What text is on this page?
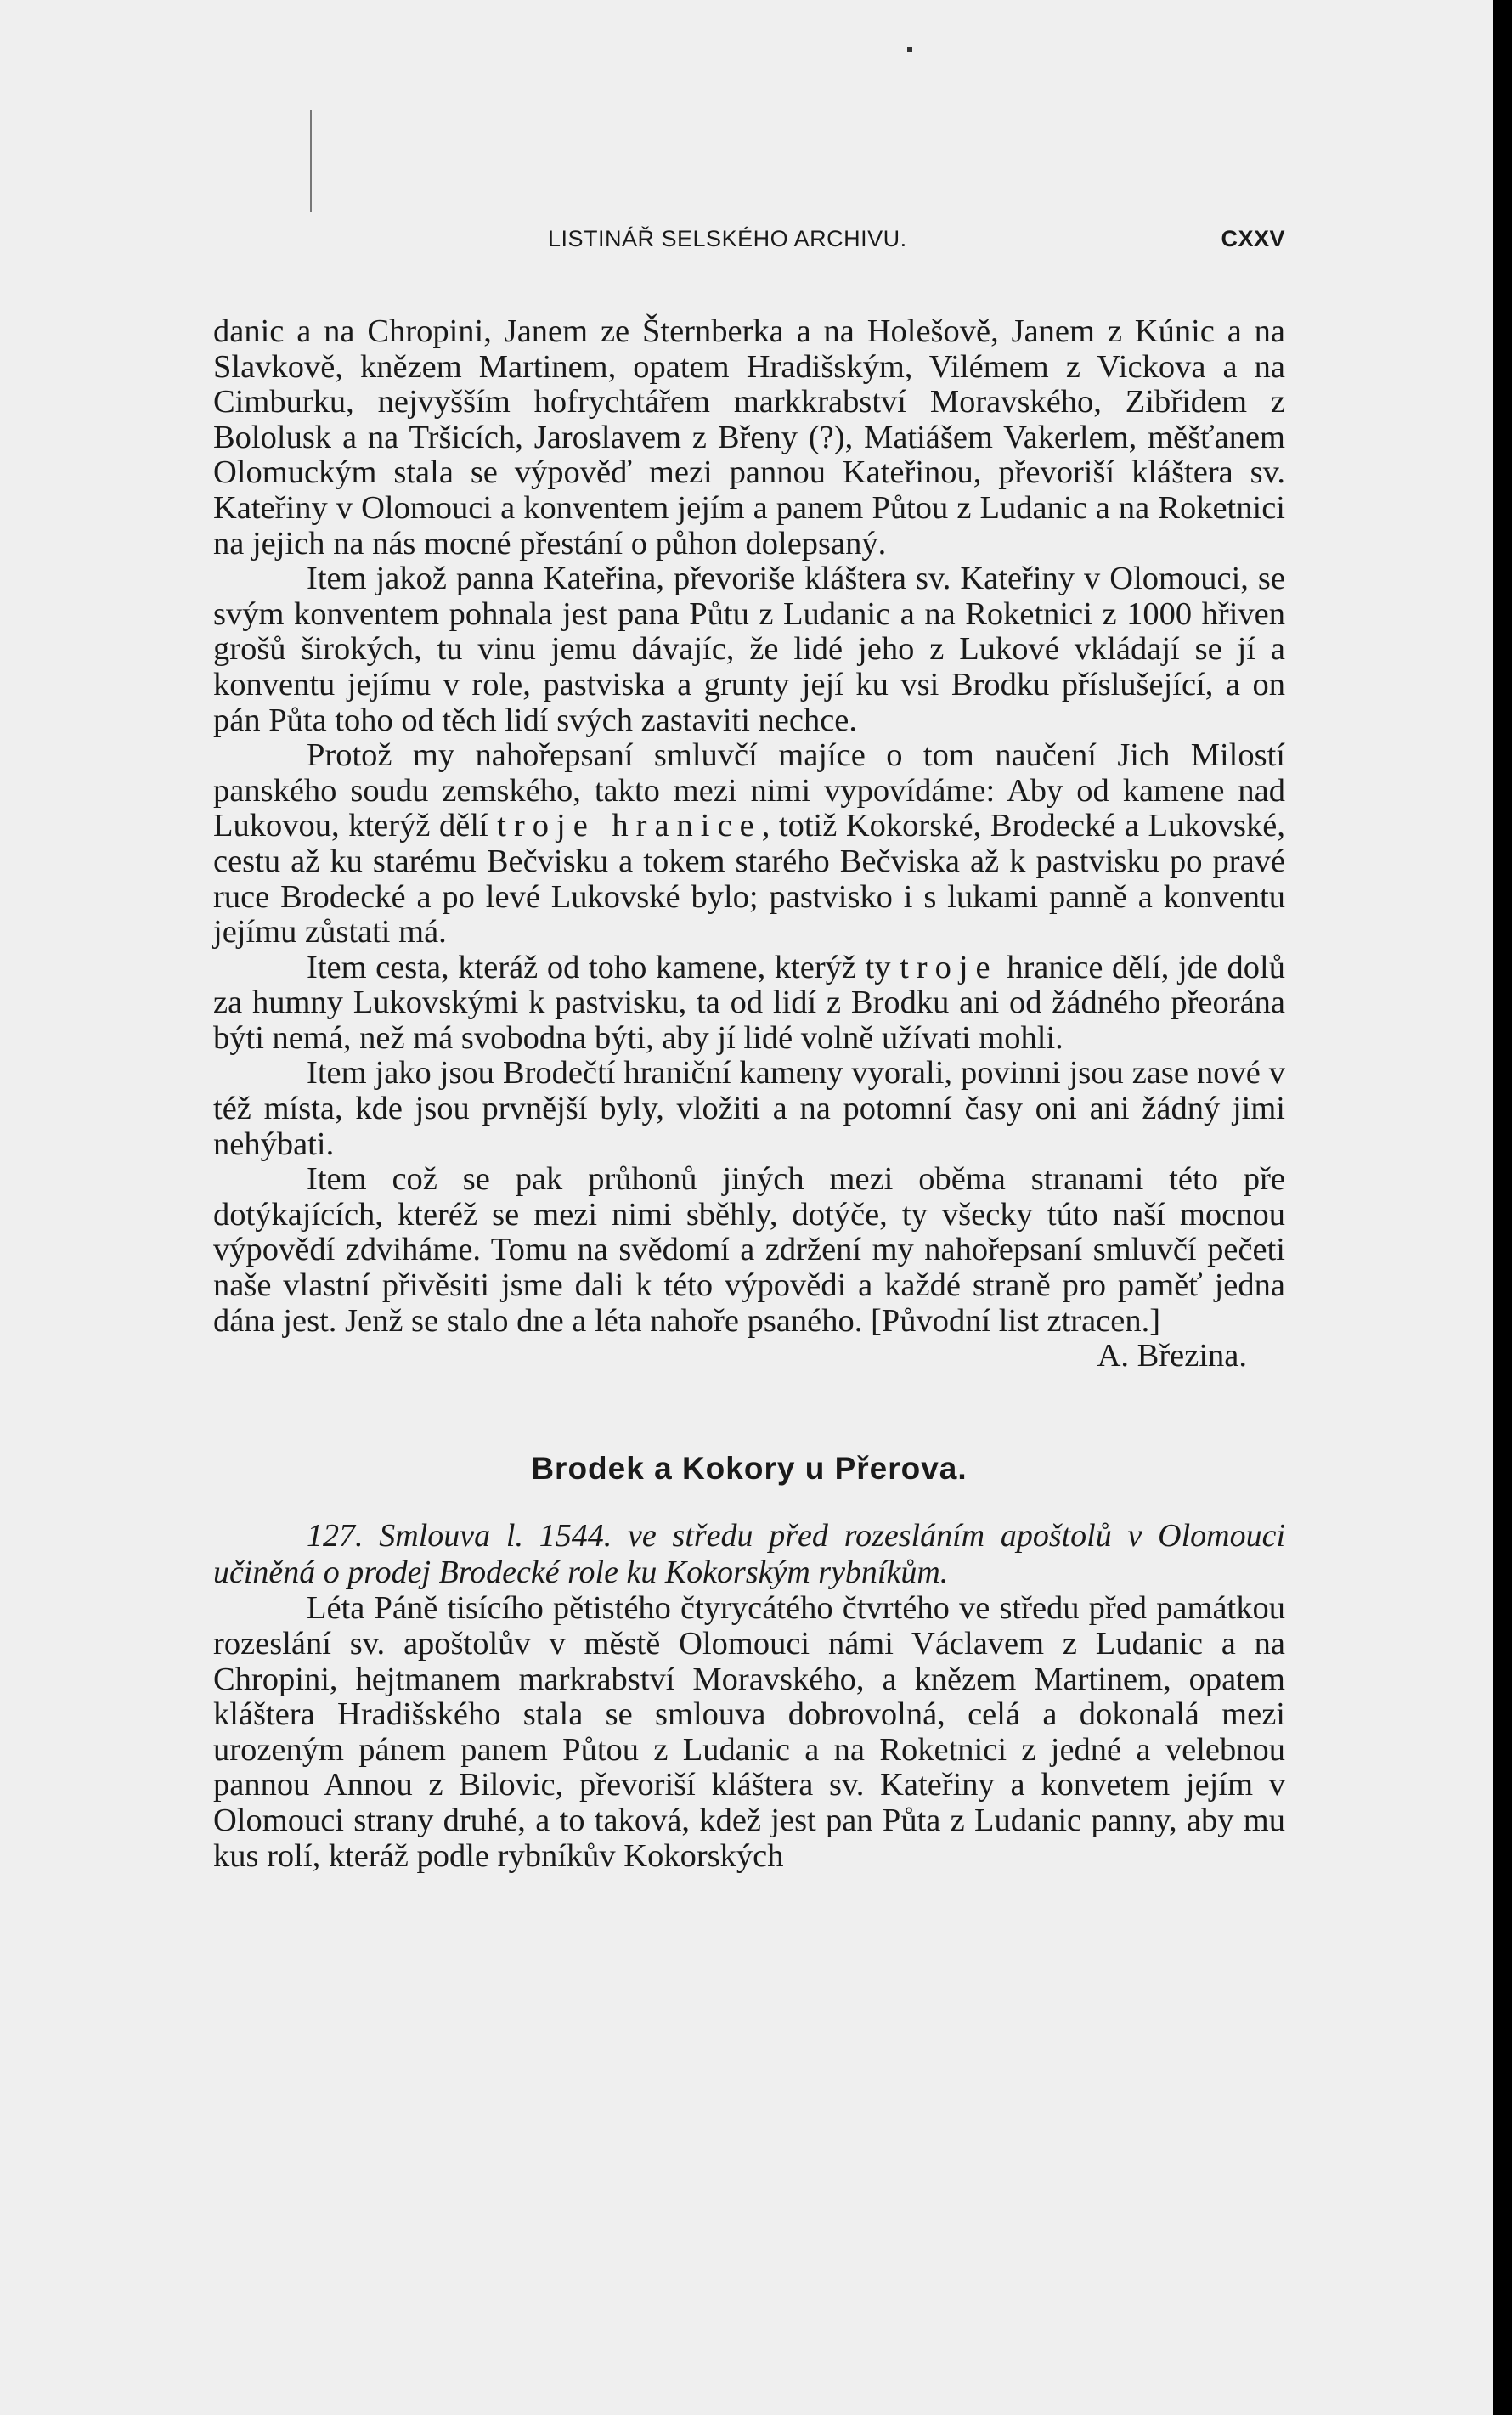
LISTINÁŘ SELSKÉHO ARCHIVU.	CXXV

danic a na Chropini, Janem ze Šternberka a na Holešově, Janem z Kúnic a na Slavkově, knězem Martinem, opatem Hradišským, Vilémem z Vickova a na Cimburku, nejvyšším hofrychtářem markkrabství Moravského, Zibřidem z Bololusk a na Tršicích, Jaroslavem z Břeny (?), Matiášem Vakerlem, měšťanem Olomuckým stala se výpověď mezi pannou Kateřinou, převoriší kláštera sv. Kateřiny v Olomouci a konventem jejím a panem Půtou z Ludanic a na Roketnici na jejich na nás mocné přestání o půhon dolepsaný.

Item jakož panna Kateřina, převoriše kláštera sv. Kateřiny v Olomouci, se svým konventem pohnala jest pana Půtu z Ludanic a na Roketnici z 1000 hřiven grošů širokých, tu vinu jemu dávajíc, že lidé jeho z Lukové vkládají se jí a konventu jejímu v role, pastviska a grunty její ku vsi Brodku příslušející, a on pán Půta toho od těch lidí svých zastaviti nechce.

Protož my nahořepsaní smluvčí majíce o tom naučení Jich Milostí panského soudu zemského, takto mezi nimi vypovídáme: Aby od kamene nad Lukovou, kterýž dělí troje hranice, totiž Kokorské, Brodecké a Lukovské, cestu až ku starému Bečvisku a tokem starého Bečviska až k pastvisku po pravé ruce Brodecké a po levé Lukovské bylo; pastvisko i s lukami panně a konventu jejímu zůstati má.

Item cesta, kteráž od toho kamene, kterýž ty troje hranice dělí, jde dolů za humny Lukovskými k pastvisku, ta od lidí z Brodku ani od žádného přeorána býti nemá, než má svobodna býti, aby jí lidé volně užívati mohli.

Item jako jsou Brodečtí hraniční kameny vyorali, povinni jsou zase nové v též místa, kde jsou prvnější byly, vložiti a na potomní časy oni ani žádný jimi nehýbati.

Item což se pak průhonů jiných mezi oběma stranami této pře dotýkajících, kteréž se mezi nimi sběhly, dotýče, ty všecky túto naší mocnou výpovědí zdviháme. Tomu na svědomí a zdržení my nahořepsaní smluvčí pečeti naše vlastní přivěsiti jsme dali k této výpovědi a každé straně pro paměť jedna dána jest. Jenž se stalo dne a léta nahoře psaného. [Původní list ztracen.]

A. Březina.

Brodek a Kokory u Přerova.

127. Smlouva l. 1544. ve středu před rozesláním apoštolů v Olomouci učiněná o prodej Brodecké role ku Kokorským rybníkům.

Léta Páně tisícího pětistého čtyrycátého čtvrtého ve středu před památkou rozeslání sv. apoštolův v městě Olomouci námi Václavem z Ludanic a na Chropini, hejtmanem markrabství Moravského, a knězem Martinem, opatem kláštera Hradišského stala se smlouva dobrovolná, celá a dokonalá mezi urozeným pánem panem Půtou z Ludanic a na Roketnici z jedné a velebnou pannou Annou z Bilovic, převoriší kláštera sv. Kateřiny a konvetem jejím v Olomouci strany druhé, a to taková, kdež jest pan Půta z Ludanic panny, aby mu kus rolí, kteráž podle rybníkův Kokorských
